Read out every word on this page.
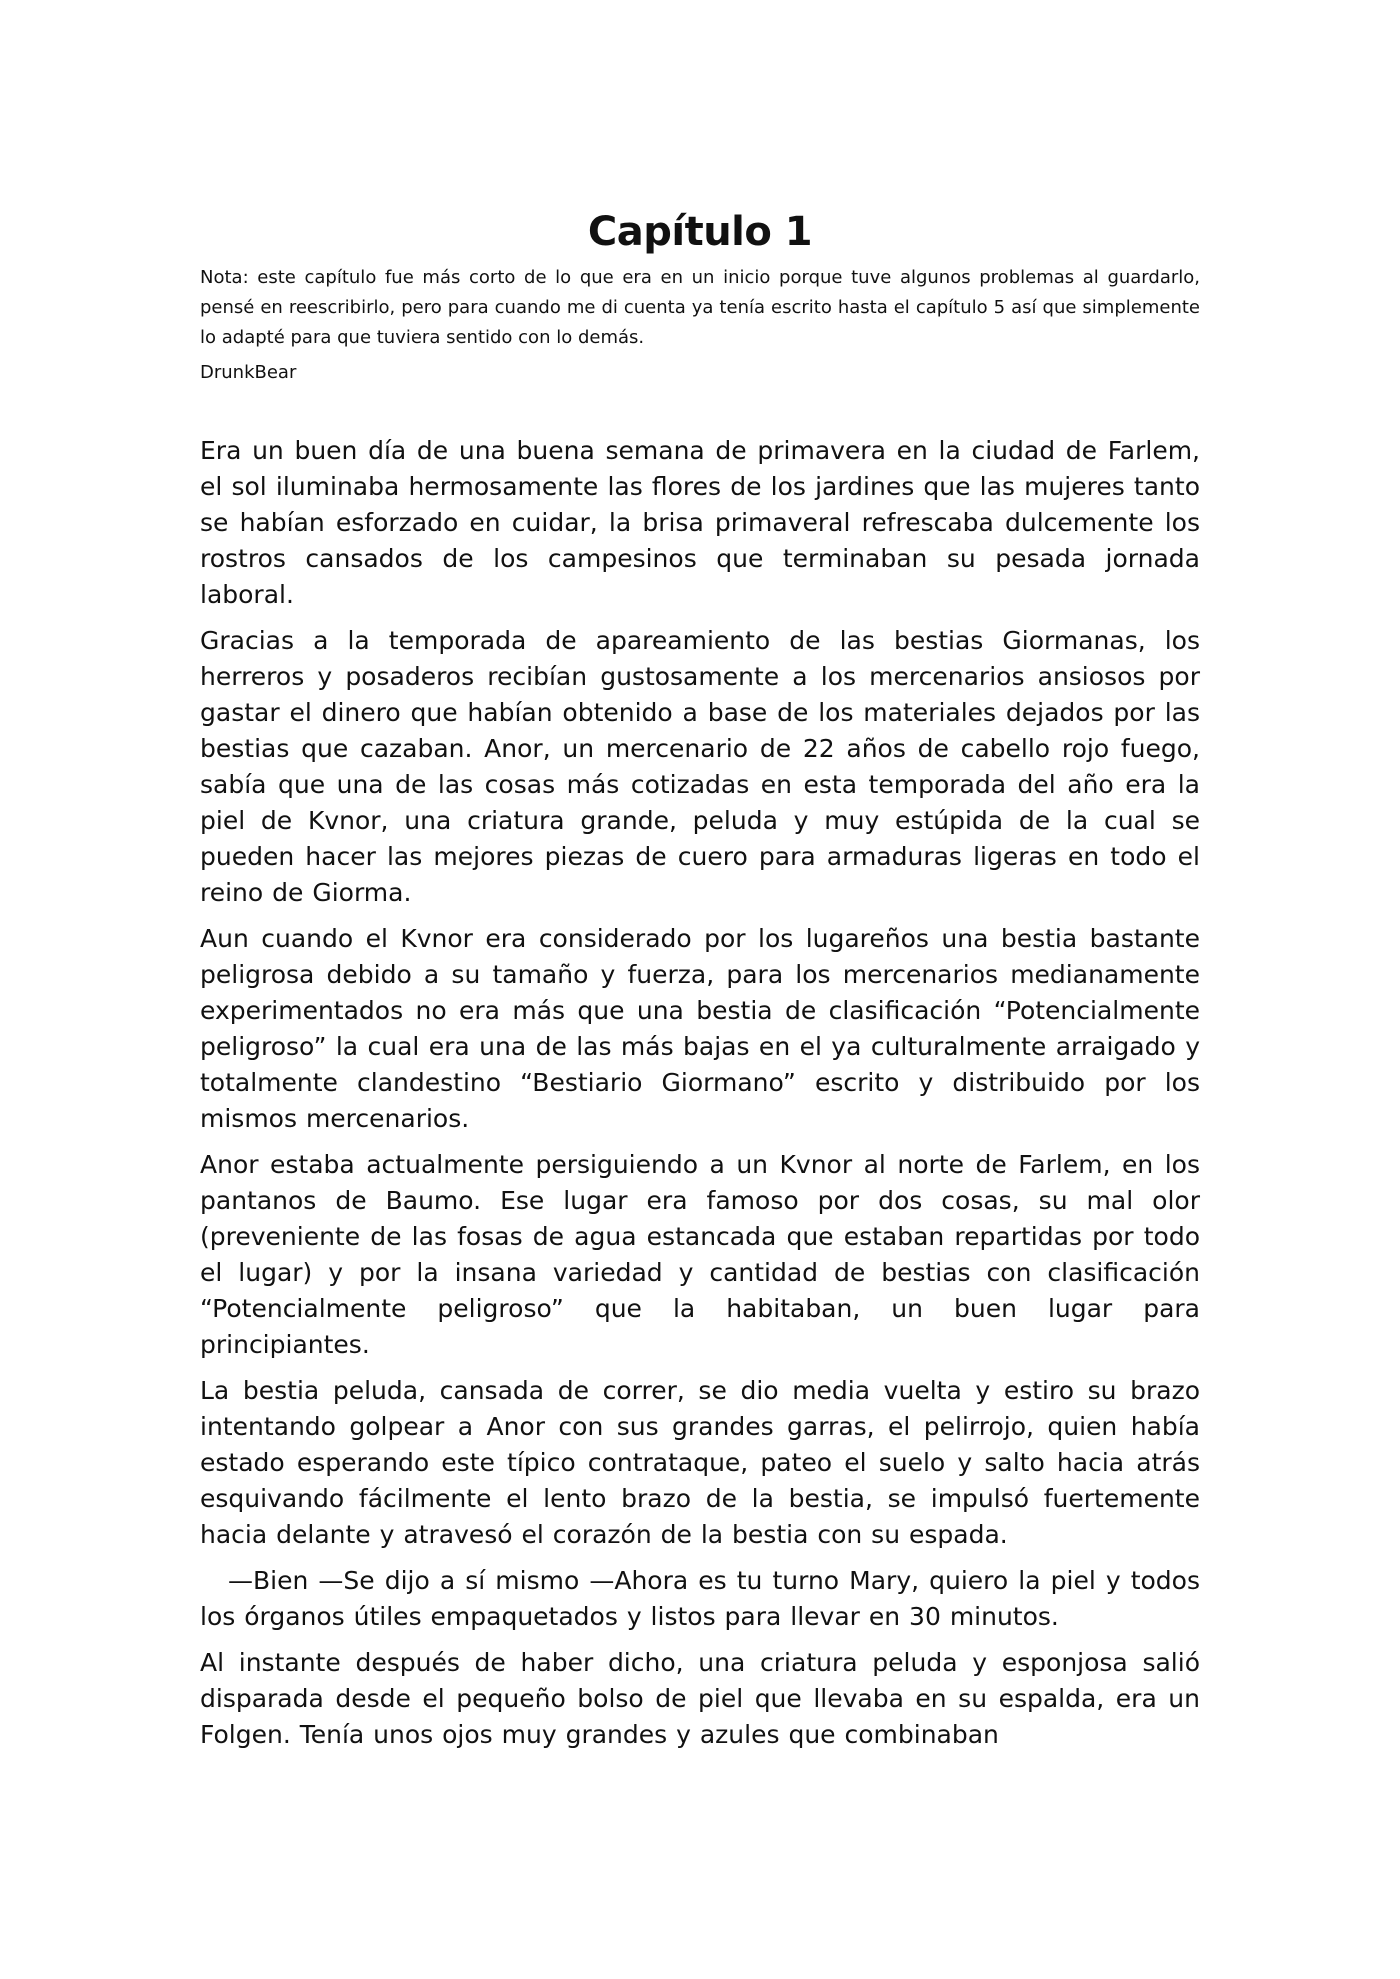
Capítulo 1

Nota: este capítulo fue más corto de lo que era en un inicio porque tuve algunos problemas al guardarlo, pensé en reescribirlo, pero para cuando me di cuenta ya tenía escrito hasta el capítulo 5 así que simplemente lo adapté para que tuviera sentido con lo demás.

DrunkBear

Era un buen día de una buena semana de primavera en la ciudad de Farlem, el sol iluminaba hermosamente las flores de los jardines que las mujeres tanto se habían esforzado en cuidar, la brisa primaveral refrescaba dulcemente los rostros cansados de los campesinos que terminaban su pesada jornada laboral.

Gracias a la temporada de apareamiento de las bestias Giormanas, los herreros y posaderos recibían gustosamente a los mercenarios ansiosos por gastar el dinero que habían obtenido a base de los materiales dejados por las bestias que cazaban. Anor, un mercenario de 22 años de cabello rojo fuego, sabía que una de las cosas más cotizadas en esta temporada del año era la piel de Kvnor, una criatura grande, peluda y muy estúpida de la cual se pueden hacer las mejores piezas de cuero para armaduras ligeras en todo el reino de Giorma.

Aun cuando el Kvnor era considerado por los lugareños una bestia bastante peligrosa debido a su tamaño y fuerza, para los mercenarios medianamente experimentados no era más que una bestia de clasificación “Potencialmente peligroso” la cual era una de las más bajas en el ya culturalmente arraigado y totalmente clandestino “Bestiario Giormano” escrito y distribuido por los mismos mercenarios.

Anor estaba actualmente persiguiendo a un Kvnor al norte de Farlem, en los pantanos de Baumo. Ese lugar era famoso por dos cosas, su mal olor (preveniente de las fosas de agua estancada que estaban repartidas por todo el lugar) y por la insana variedad y cantidad de bestias con clasificación “Potencialmente peligroso” que la habitaban, un buen lugar para principiantes.

La bestia peluda, cansada de correr, se dio media vuelta y estiro su brazo intentando golpear a Anor con sus grandes garras, el pelirrojo, quien había estado esperando este típico contrataque, pateo el suelo y salto hacia atrás esquivando fácilmente el lento brazo de la bestia, se impulsó fuertemente hacia delante y atravesó el corazón de la bestia con su espada.

—Bien —Se dijo a sí mismo —Ahora es tu turno Mary, quiero la piel y todos los órganos útiles empaquetados y listos para llevar en 30 minutos.

Al instante después de haber dicho, una criatura peluda y esponjosa salió disparada desde el pequeño bolso de piel que llevaba en su espalda, era un Folgen. Tenía unos ojos muy grandes y azules que combinaban
